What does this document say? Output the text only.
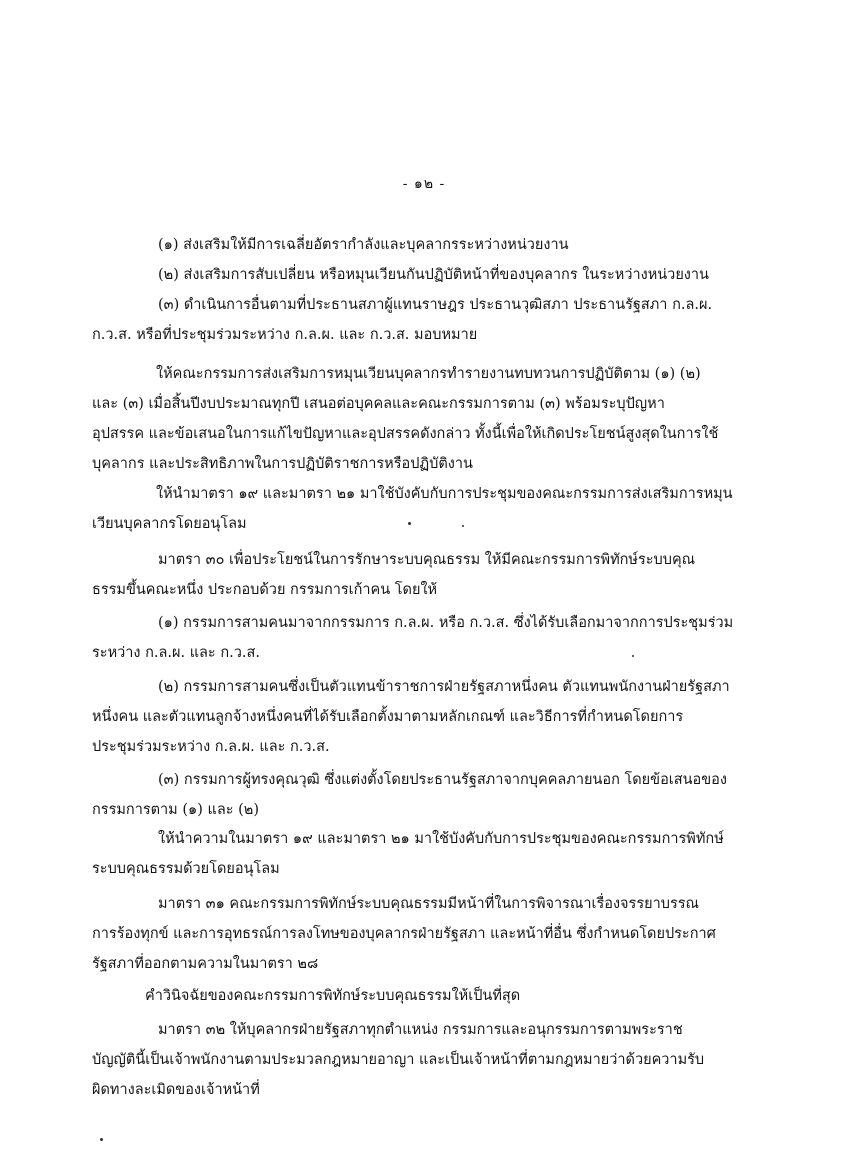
- ๑๒ -
(๑) ส่งเสริมให้มีการเฉลี่ยอัตรากำลังและบุคลากรระหว่างหน่วยงาน
(๒) ส่งเสริมการสับเปลี่ยน หรือหมุนเวียนกันปฏิบัติหน้าที่ของบุคลากร ในระหว่างหน่วยงาน
(๓) ดำเนินการอื่นตามที่ประธานสภาผู้แทนราษฎร ประธานวุฒิสภา ประธานรัฐสภา ก.ล.ผ.
ก.ว.ส. หรือที่ประชุมร่วมระหว่าง ก.ล.ผ. และ ก.ว.ส. มอบหมาย
ให้คณะกรรมการส่งเสริมการหมุนเวียนบุคลากรทำรายงานทบทวนการปฏิบัติตาม (๑) (๒)
และ (๓) เมื่อสิ้นปีงบประมาณทุกปี เสนอต่อบุคคลและคณะกรรมการตาม (๓) พร้อมระบุปัญหา
อุปสรรค และข้อเสนอในการแก้ไขปัญหาและอุปสรรคดังกล่าว ทั้งนี้เพื่อให้เกิดประโยชน์สูงสุดในการใช้
บุคลากร และประสิทธิภาพในการปฏิบัติราชการหรือปฏิบัติงาน
ให้นำมาตรา ๑๙ และมาตรา ๒๑ มาใช้บังคับกับการประชุมของคณะกรรมการส่งเสริมการหมุน
เวียนบุคลากรโดยอนุโลม
มาตรา ๓๐ เพื่อประโยชน์ในการรักษาระบบคุณธรรม ให้มีคณะกรรมการพิทักษ์ระบบคุณ
ธรรมขึ้นคณะหนึ่ง ประกอบด้วย กรรมการเก้าคน โดยให้
(๑) กรรมการสามคนมาจากกรรมการ ก.ล.ผ. หรือ ก.ว.ส. ซึ่งได้รับเลือกมาจากการประชุมร่วม
ระหว่าง ก.ล.ผ. และ ก.ว.ส.
(๒) กรรมการสามคนซึ่งเป็นตัวแทนข้าราชการฝ่ายรัฐสภาหนึ่งคน ตัวแทนพนักงานฝ่ายรัฐสภา
หนึ่งคน และตัวแทนลูกจ้างหนึ่งคนที่ได้รับเลือกตั้งมาตามหลักเกณฑ์ และวิธีการที่กำหนดโดยการ
ประชุมร่วมระหว่าง ก.ล.ผ. และ ก.ว.ส.
(๓) กรรมการผู้ทรงคุณวุฒิ ซึ่งแต่งตั้งโดยประธานรัฐสภาจากบุคคลภายนอก โดยข้อเสนอของ
กรรมการตาม (๑) และ (๒)
ให้นำความในมาตรา ๑๙ และมาตรา ๒๑ มาใช้บังคับกับการประชุมของคณะกรรมการพิทักษ์
ระบบคุณธรรมด้วยโดยอนุโลม
มาตรา ๓๑ คณะกรรมการพิทักษ์ระบบคุณธรรมมีหน้าที่ในการพิจารณาเรื่องจรรยาบรรณ
การร้องทุกข์ และการอุทธรณ์การลงโทษของบุคลากรฝ่ายรัฐสภา และหน้าที่อื่น ซึ่งกำหนดโดยประกาศ
รัฐสภาที่ออกตามความในมาตรา ๒๘
คำวินิจฉัยของคณะกรรมการพิทักษ์ระบบคุณธรรมให้เป็นที่สุด
มาตรา ๓๒ ให้บุคลากรฝ่ายรัฐสภาทุกตำแหน่ง กรรมการและอนุกรรมการตามพระราช
บัญญัตินี้เป็นเจ้าพนักงานตามประมวลกฎหมายอาญา และเป็นเจ้าหน้าที่ตามกฎหมายว่าด้วยความรับ
ผิดทางละเมิดของเจ้าหน้าที่
